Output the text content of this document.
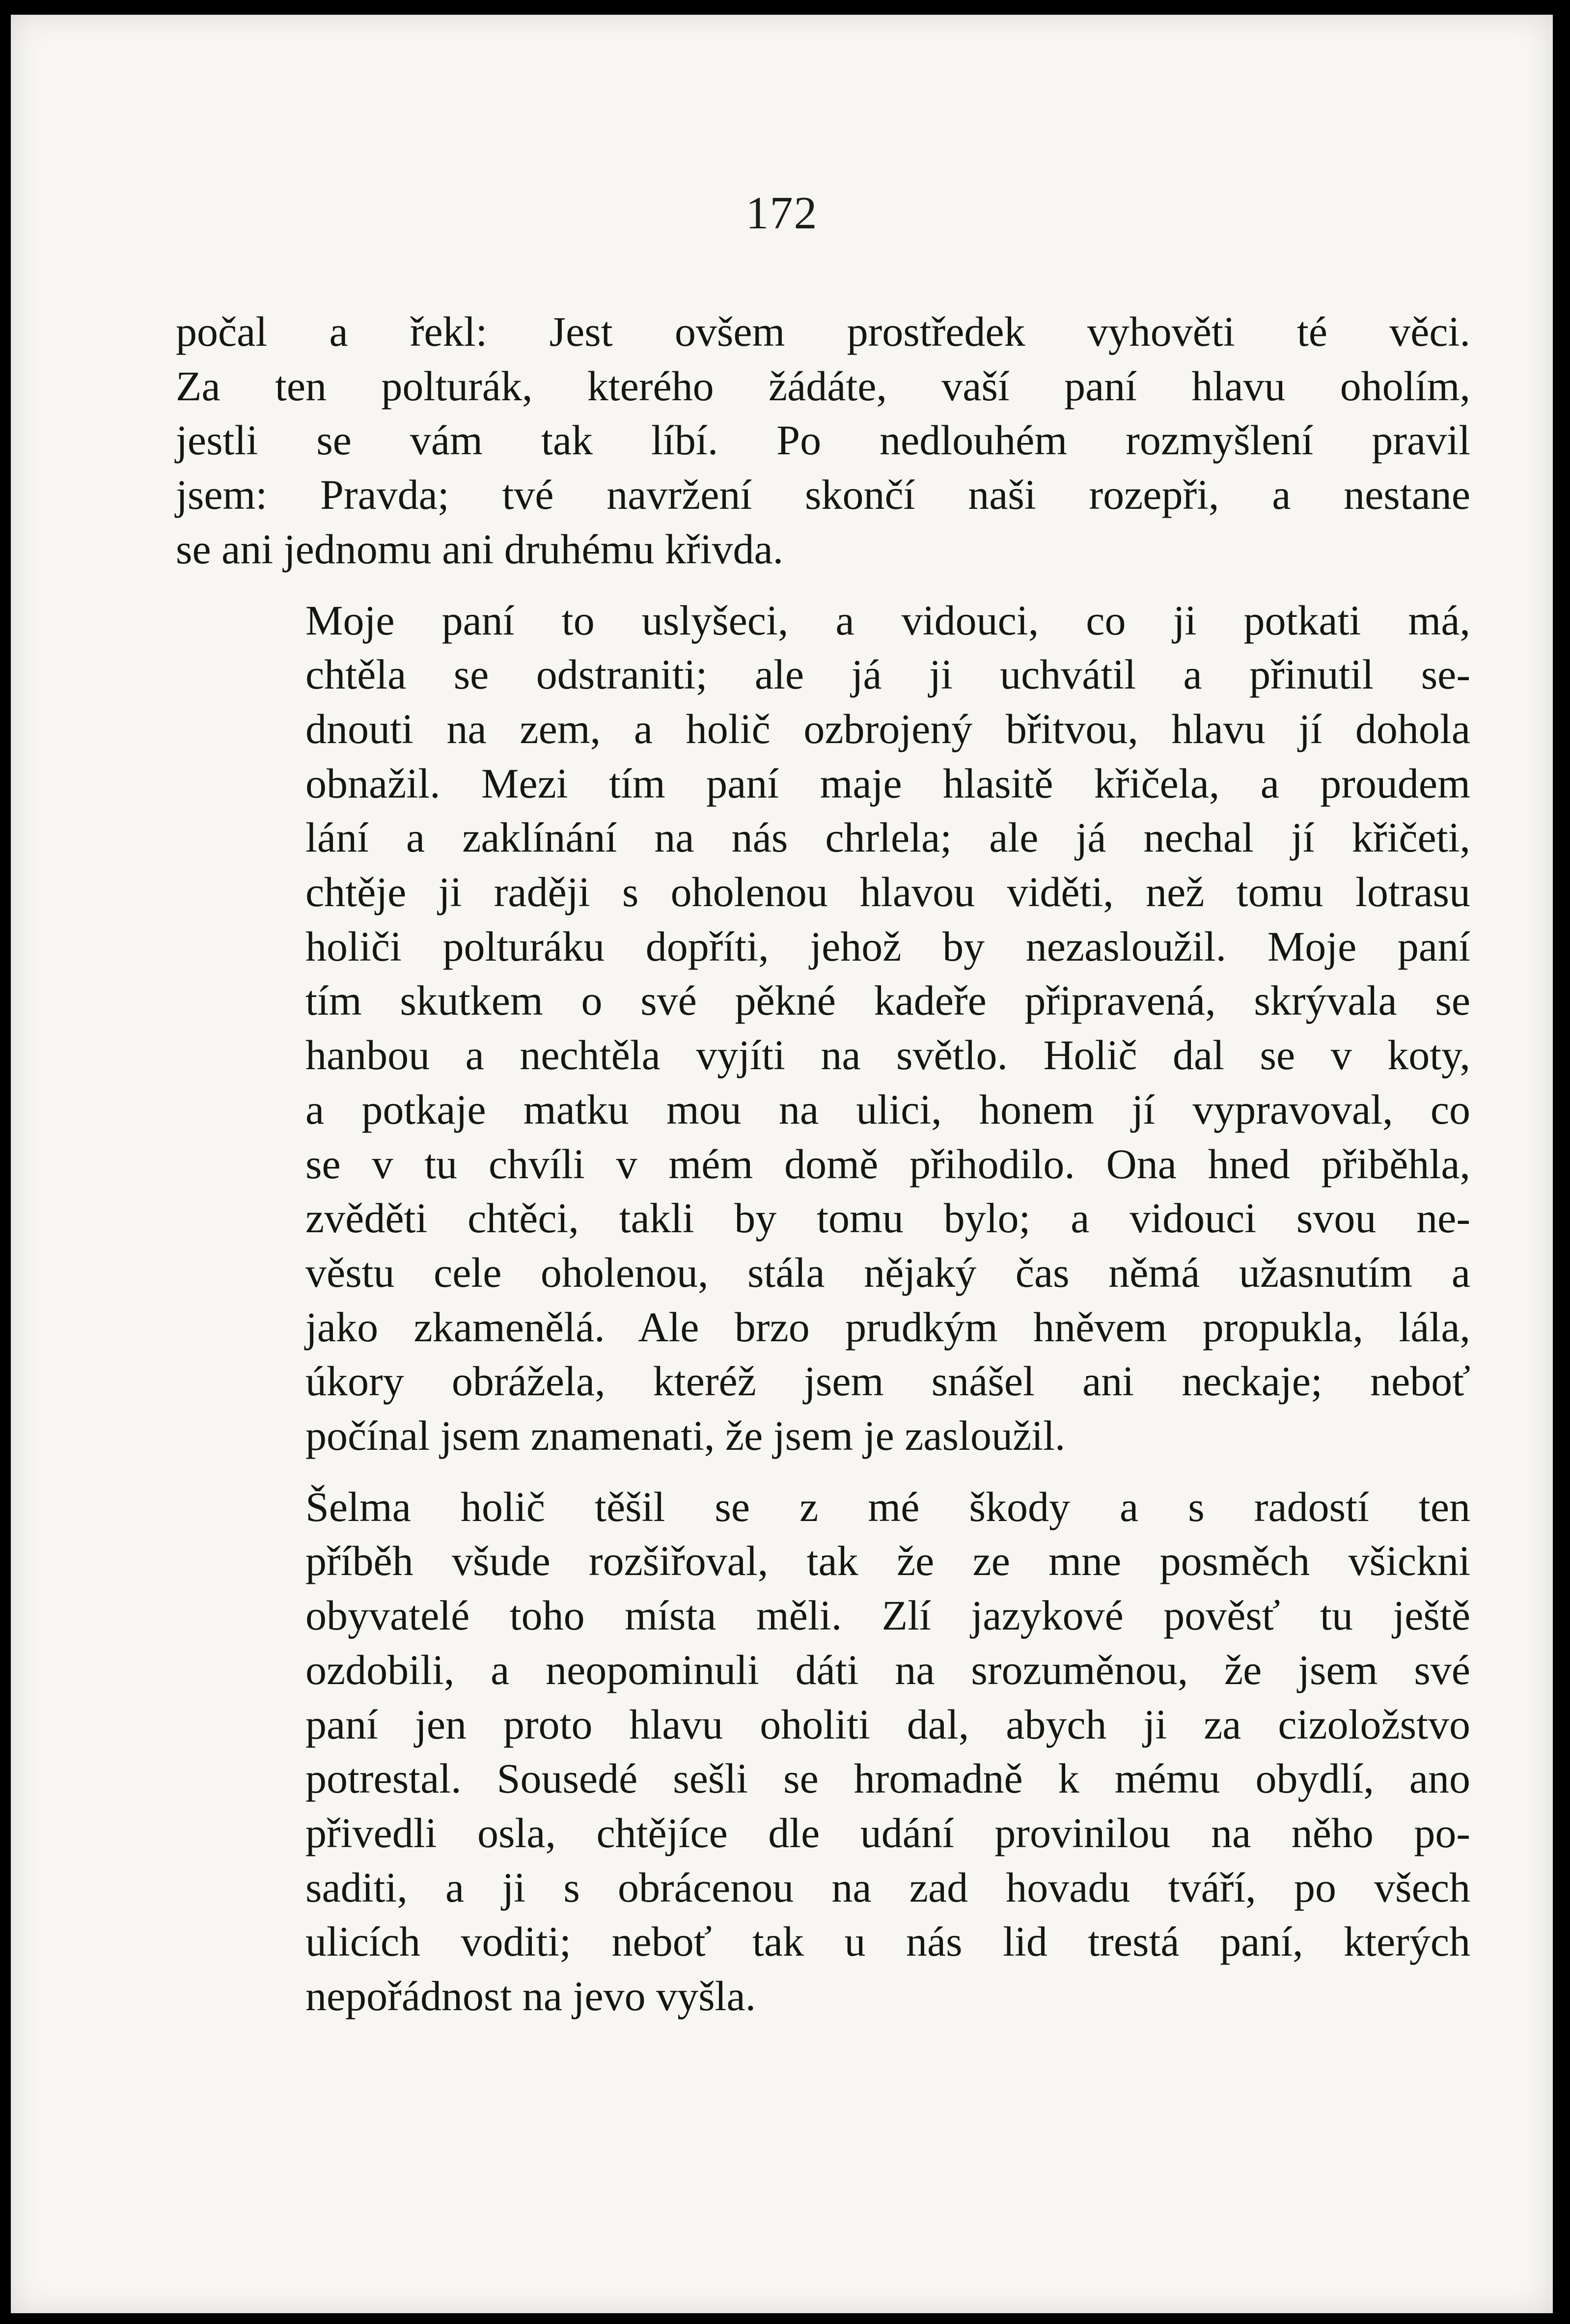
172

počal a řekl: Jest ovšem prostředek vyhověti té věci.
Za ten polturák, kterého žádáte, vaší paní hlavu oholím,
jestli se vám tak líbí. Po nedlouhém rozmyšlení pravil
jsem: Pravda; tvé navržení skončí naši rozepři, a nestane
se ani jednomu ani druhému křivda.

Moje paní to uslyšeci, a vidouci, co ji potkati má,
chtěla se odstraniti; ale já ji uchvátil a přinutil se-
dnouti na zem, a holič ozbrojený břitvou, hlavu jí dohola
obnažil. Mezi tím paní maje hlasitě křičela, a proudem
lání a zaklínání na nás chrlela; ale já nechal jí křičeti,
chtěje ji raději s oholenou hlavou viděti, než tomu lotrasu
holiči polturáku dopříti, jehož by nezasloužil. Moje paní
tím skutkem o své pěkné kadeře připravená, skrývala se
hanbou a nechtěla vyjíti na světlo. Holič dal se v koty,
a potkaje matku mou na ulici, honem jí vypravoval, co
se v tu chvíli v mém domě přihodilo. Ona hned přiběhla,
zvěděti chtěci, takli by tomu bylo; a vidouci svou ne-
věstu cele oholenou, stála nějaký čas němá užasnutím a
jako zkamenělá. Ale brzo prudkým hněvem propukla, lála,
úkory obrážela, kteréž jsem snášel ani neckaje; neboť
počínal jsem znamenati, že jsem je zasloužil.

Šelma holič těšil se z mé škody a s radostí ten
příběh všude rozšiřoval, tak že ze mne posměch všickni
obyvatelé toho místa měli. Zlí jazykové pověsť tu ještě
ozdobili, a neopominuli dáti na srozuměnou, že jsem své
paní jen proto hlavu oholiti dal, abych ji za cizoložstvo
potrestal. Sousedé sešli se hromadně k mému obydlí, ano
přivedli osla, chtějíce dle udání provinilou na něho po-
saditi, a ji s obrácenou na zad hovadu tváří, po všech
ulicích voditi; neboť tak u nás lid trestá paní, kterých
nepořádnost na jevo vyšla.
